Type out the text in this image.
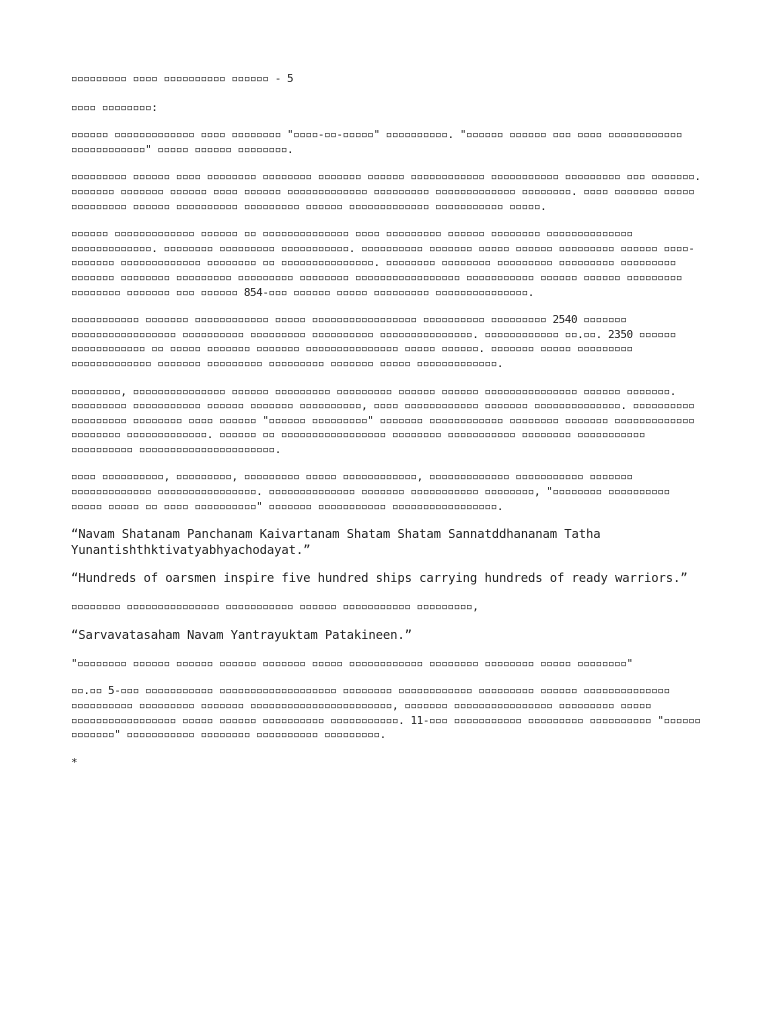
▫▫▫▫▫▫▫▫▫ ▫▫▫▫ ▫▫▫▫▫▫▫▫▫▫ ▫▫▫▫▫▫ - 5

▫▫▫▫ ▫▫▫▫▫▫▫▫:

▫▫▫▫▫▫ ▫▫▫▫▫▫▫▫▫▫▫▫▫ ▫▫▫▫ ▫▫▫▫▫▫▫▫ "▫▫▫▫-▫▫-▫▫▫▫▫" ▫▫▫▫▫▫▫▫▫▫. "▫▫▫▫▫▫ ▫▫▫▫▫▫ ▫▫▫ ▫▫▫▫ ▫▫▫▫▫▫▫▫▫▫▫▫ ▫▫▫▫▫▫▫▫▫▫▫▫" ▫▫▫▫▫ ▫▫▫▫▫▫ ▫▫▫▫▫▫▫▫.

▫▫▫▫▫▫▫▫▫ ▫▫▫▫▫▫ ▫▫▫▫ ▫▫▫▫▫▫▫▫ ▫▫▫▫▫▫▫▫ ▫▫▫▫▫▫▫ ▫▫▫▫▫▫ ▫▫▫▫▫▫▫▫▫▫▫▫ ▫▫▫▫▫▫▫▫▫▫▫ ▫▫▫▫▫▫▫▫▫ ▫▫▫ ▫▫▫▫▫▫▫. ▫▫▫▫▫▫▫ ▫▫▫▫▫▫▫ ▫▫▫▫▫▫ ▫▫▫▫ ▫▫▫▫▫▫ ▫▫▫▫▫▫▫▫▫▫▫▫▫ ▫▫▫▫▫▫▫▫▫ ▫▫▫▫▫▫▫▫▫▫▫▫▫ ▫▫▫▫▫▫▫▫. ▫▫▫▫ ▫▫▫▫▫▫▫ ▫▫▫▫▫ ▫▫▫▫▫▫▫▫▫ ▫▫▫▫▫▫ ▫▫▫▫▫▫▫▫▫▫ ▫▫▫▫▫▫▫▫▫ ▫▫▫▫▫▫ ▫▫▫▫▫▫▫▫▫▫▫▫▫ ▫▫▫▫▫▫▫▫▫▫▫ ▫▫▫▫▫.

▫▫▫▫▫▫ ▫▫▫▫▫▫▫▫▫▫▫▫▫ ▫▫▫▫▫▫ ▫▫ ▫▫▫▫▫▫▫▫▫▫▫▫▫▫ ▫▫▫▫ ▫▫▫▫▫▫▫▫▫ ▫▫▫▫▫▫ ▫▫▫▫▫▫▫▫ ▫▫▫▫▫▫▫▫▫▫▫▫▫▫ ▫▫▫▫▫▫▫▫▫▫▫▫▫. ▫▫▫▫▫▫▫▫ ▫▫▫▫▫▫▫▫▫ ▫▫▫▫▫▫▫▫▫▫▫. ▫▫▫▫▫▫▫▫▫▫ ▫▫▫▫▫▫▫ ▫▫▫▫▫ ▫▫▫▫▫▫ ▫▫▫▫▫▫▫▫▫ ▫▫▫▫▫▫ ▫▫▫▫-▫▫▫▫▫▫▫ ▫▫▫▫▫▫▫▫▫▫▫▫▫ ▫▫▫▫▫▫▫▫ ▫▫ ▫▫▫▫▫▫▫▫▫▫▫▫▫▫▫. ▫▫▫▫▫▫▫▫ ▫▫▫▫▫▫▫▫ ▫▫▫▫▫▫▫▫▫ ▫▫▫▫▫▫▫▫▫ ▫▫▫▫▫▫▫▫▫ ▫▫▫▫▫▫▫ ▫▫▫▫▫▫▫▫ ▫▫▫▫▫▫▫▫▫ ▫▫▫▫▫▫▫▫▫ ▫▫▫▫▫▫▫▫ ▫▫▫▫▫▫▫▫▫▫▫▫▫▫▫▫▫ ▫▫▫▫▫▫▫▫▫▫▫ ▫▫▫▫▫▫ ▫▫▫▫▫▫ ▫▫▫▫▫▫▫▫▫ ▫▫▫▫▫▫▫▫ ▫▫▫▫▫▫▫ ▫▫▫ ▫▫▫▫▫▫ 854-▫▫▫ ▫▫▫▫▫▫ ▫▫▫▫▫ ▫▫▫▫▫▫▫▫▫ ▫▫▫▫▫▫▫▫▫▫▫▫▫▫▫.

▫▫▫▫▫▫▫▫▫▫▫ ▫▫▫▫▫▫▫ ▫▫▫▫▫▫▫▫▫▫▫▫ ▫▫▫▫▫ ▫▫▫▫▫▫▫▫▫▫▫▫▫▫▫▫▫ ▫▫▫▫▫▫▫▫▫▫ ▫▫▫▫▫▫▫▫▫ 2540 ▫▫▫▫▫▫▫ ▫▫▫▫▫▫▫▫▫▫▫▫▫▫▫▫▫ ▫▫▫▫▫▫▫▫▫▫ ▫▫▫▫▫▫▫▫▫ ▫▫▫▫▫▫▫▫▫▫ ▫▫▫▫▫▫▫▫▫▫▫▫▫▫▫. ▫▫▫▫▫▫▫▫▫▫▫▫ ▫▫.▫▫. 2350 ▫▫▫▫▫▫ ▫▫▫▫▫▫▫▫▫▫▫▫ ▫▫ ▫▫▫▫▫ ▫▫▫▫▫▫▫ ▫▫▫▫▫▫▫ ▫▫▫▫▫▫▫▫▫▫▫▫▫▫▫ ▫▫▫▫▫ ▫▫▫▫▫▫. ▫▫▫▫▫▫▫ ▫▫▫▫▫ ▫▫▫▫▫▫▫▫▫ ▫▫▫▫▫▫▫▫▫▫▫▫▫ ▫▫▫▫▫▫▫ ▫▫▫▫▫▫▫▫▫ ▫▫▫▫▫▫▫▫▫ ▫▫▫▫▫▫▫ ▫▫▫▫▫ ▫▫▫▫▫▫▫▫▫▫▫▫▫.

▫▫▫▫▫▫▫▫, ▫▫▫▫▫▫▫▫▫▫▫▫▫▫▫ ▫▫▫▫▫▫ ▫▫▫▫▫▫▫▫▫ ▫▫▫▫▫▫▫▫▫ ▫▫▫▫▫▫ ▫▫▫▫▫▫ ▫▫▫▫▫▫▫▫▫▫▫▫▫▫▫ ▫▫▫▫▫▫ ▫▫▫▫▫▫▫. ▫▫▫▫▫▫▫▫▫ ▫▫▫▫▫▫▫▫▫▫▫ ▫▫▫▫▫▫ ▫▫▫▫▫▫▫ ▫▫▫▫▫▫▫▫▫▫, ▫▫▫▫ ▫▫▫▫▫▫▫▫▫▫▫▫ ▫▫▫▫▫▫▫ ▫▫▫▫▫▫▫▫▫▫▫▫▫▫. ▫▫▫▫▫▫▫▫▫▫ ▫▫▫▫▫▫▫▫▫ ▫▫▫▫▫▫▫▫ ▫▫▫▫ ▫▫▫▫▫▫ "▫▫▫▫▫▫ ▫▫▫▫▫▫▫▫▫" ▫▫▫▫▫▫▫ ▫▫▫▫▫▫▫▫▫▫▫▫ ▫▫▫▫▫▫▫▫ ▫▫▫▫▫▫▫ ▫▫▫▫▫▫▫▫▫▫▫▫▫ ▫▫▫▫▫▫▫▫ ▫▫▫▫▫▫▫▫▫▫▫▫▫. ▫▫▫▫▫▫ ▫▫ ▫▫▫▫▫▫▫▫▫▫▫▫▫▫▫▫▫ ▫▫▫▫▫▫▫▫ ▫▫▫▫▫▫▫▫▫▫▫ ▫▫▫▫▫▫▫▫ ▫▫▫▫▫▫▫▫▫▫▫ ▫▫▫▫▫▫▫▫▫▫ ▫▫▫▫▫▫▫▫▫▫▫▫▫▫▫▫▫▫▫▫▫▫.

▫▫▫▫ ▫▫▫▫▫▫▫▫▫▫, ▫▫▫▫▫▫▫▫▫, ▫▫▫▫▫▫▫▫▫ ▫▫▫▫▫ ▫▫▫▫▫▫▫▫▫▫▫▫, ▫▫▫▫▫▫▫▫▫▫▫▫▫ ▫▫▫▫▫▫▫▫▫▫▫ ▫▫▫▫▫▫▫ ▫▫▫▫▫▫▫▫▫▫▫▫▫ ▫▫▫▫▫▫▫▫▫▫▫▫▫▫▫▫. ▫▫▫▫▫▫▫▫▫▫▫▫▫▫ ▫▫▫▫▫▫▫ ▫▫▫▫▫▫▫▫▫▫▫ ▫▫▫▫▫▫▫▫, "▫▫▫▫▫▫▫▫ ▫▫▫▫▫▫▫▫▫▫ ▫▫▫▫▫ ▫▫▫▫▫ ▫▫ ▫▫▫▫ ▫▫▫▫▫▫▫▫▫▫" ▫▫▫▫▫▫▫ ▫▫▫▫▫▫▫▫▫▫▫ ▫▫▫▫▫▫▫▫▫▫▫▫▫▫▫▫▫.

“Navam Shatanam Panchanam Kaivartanam Shatam Shatam Sannatddhananam Tatha Yunantishthktivatyabhyachodayat.”

“Hundreds of oarsmen inspire five hundred ships carrying hundreds of ready warriors.”

▫▫▫▫▫▫▫▫ ▫▫▫▫▫▫▫▫▫▫▫▫▫▫▫ ▫▫▫▫▫▫▫▫▫▫▫ ▫▫▫▫▫▫ ▫▫▫▫▫▫▫▫▫▫▫ ▫▫▫▫▫▫▫▫▫,

“Sarvavatasaham Navam Yantrayuktam Patakineen.”

"▫▫▫▫▫▫▫▫ ▫▫▫▫▫▫ ▫▫▫▫▫▫ ▫▫▫▫▫▫ ▫▫▫▫▫▫▫ ▫▫▫▫▫ ▫▫▫▫▫▫▫▫▫▫▫▫ ▫▫▫▫▫▫▫▫ ▫▫▫▫▫▫▫▫ ▫▫▫▫▫ ▫▫▫▫▫▫▫▫"

▫▫.▫▫ 5-▫▫▫ ▫▫▫▫▫▫▫▫▫▫▫ ▫▫▫▫▫▫▫▫▫▫▫▫▫▫▫▫▫▫▫ ▫▫▫▫▫▫▫▫ ▫▫▫▫▫▫▫▫▫▫▫▫ ▫▫▫▫▫▫▫▫▫ ▫▫▫▫▫▫ ▫▫▫▫▫▫▫▫▫▫▫▫▫▫ ▫▫▫▫▫▫▫▫▫▫ ▫▫▫▫▫▫▫▫▫ ▫▫▫▫▫▫▫ ▫▫▫▫▫▫▫▫▫▫▫▫▫▫▫▫▫▫▫▫▫▫▫, ▫▫▫▫▫▫▫ ▫▫▫▫▫▫▫▫▫▫▫▫▫▫▫▫ ▫▫▫▫▫▫▫▫▫ ▫▫▫▫▫ ▫▫▫▫▫▫▫▫▫▫▫▫▫▫▫▫▫ ▫▫▫▫▫ ▫▫▫▫▫▫ ▫▫▫▫▫▫▫▫▫▫ ▫▫▫▫▫▫▫▫▫▫▫. 11-▫▫▫ ▫▫▫▫▫▫▫▫▫▫▫ ▫▫▫▫▫▫▫▫▫ ▫▫▫▫▫▫▫▫▫▫ "▫▫▫▫▫▫ ▫▫▫▫▫▫▫" ▫▫▫▫▫▫▫▫▫▫▫ ▫▫▫▫▫▫▫▫ ▫▫▫▫▫▫▫▫▫▫ ▫▫▫▫▫▫▫▫▫.

*
